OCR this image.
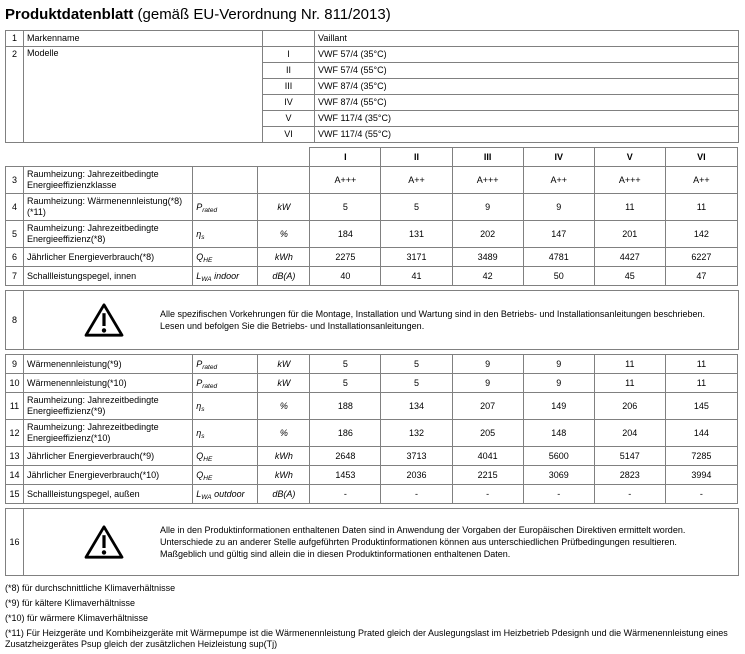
Produktdatenblatt (gemäß EU-Verordnung Nr. 811/2013)
1	Markenname		Vaillant
2	Modelle	I	VWF 57/4 (35°C)
		II	VWF 57/4 (55°C)
		III	VWF 87/4 (35°C)
		IV	VWF 87/4 (55°C)
		V	VWF 117/4 (35°C)
		VI	VWF 117/4 (55°C)
				I	II	III	IV	V	VI
3	Raumheizung: Jahrezeitbedingte Energieeffizienzklasse			A+++	A++	A+++	A++	A+++	A++
4	Raumheizung: Wärmenennleistung(*8) (*11)	$P_{rated}$	kW	5	5	9	9	11	11
5	Raumheizung: Jahrezeitbedingte Energieeffizienz(*8)	$\eta_s$	%	184	131	202	147	201	142
6	Jährlicher Energieverbrauch(*8)	$Q_{HE}$	kWh	2275	3171	3489	4781	4427	6227
7	Schallleistungspegel, innen	$L_{WA}$ indoor	dB(A)	40	41	42	50	45	47
8	
Alle spezifischen Vorkehrungen für die Montage, Installation und Wartung sind in den Betriebs- und Installationsanleitungen beschrieben. Lesen und befolgen Sie die Betriebs- und Installationsanleitungen.
9	Wärmenennleistung(*9)	$P_{rated}$	kW	5	5	9	9	11	11
10	Wärmenennleistung(*10)	$P_{rated}$	kW	5	5	9	9	11	11
11	Raumheizung: Jahrezeitbedingte Energieeffizienz(*9)	$\eta_s$	%	188	134	207	149	206	145
12	Raumheizung: Jahrezeitbedingte Energieeffizienz(*10)	$\eta_s$	%	186	132	205	148	204	144
13	Jährlicher Energieverbrauch(*9)	$Q_{HE}$	kWh	2648	3713	4041	5600	5147	7285
14	Jährlicher Energieverbrauch(*10)	$Q_{HE}$	kWh	1453	2036	2215	3069	2823	3994
15	Schallleistungspegel, außen	$L_{WA}$ outdoor	dB(A)	-	-	-	-	-	-
16	
Alle in den Produktinformationen enthaltenen Daten sind in Anwendung der Vorgaben der Europäischen Direktiven ermittelt worden. Unterschiede zu an anderer Stelle aufgeführten Produktinformationen können aus unterschiedlichen Prüfbedingungen resultieren. Maßgeblich und gültig sind allein die in diesen Produktinformationen enthaltenen Daten.
(*8) für durchschnittliche Klimaverhältnisse
(*9) für kältere Klimaverhältnisse
(*10) für wärmere Klimaverhältnisse
(*11) Für Heizgeräte und Kombiheizgeräte mit Wärmepumpe ist die Wärmenennleistung Prated gleich der Auslegungslast im Heizbetrieb Pdesignh und die Wärmenennleistung eines Zusatzheizgerätes Psup gleich der zusätzlichen Heizleistung sup(Tj)
